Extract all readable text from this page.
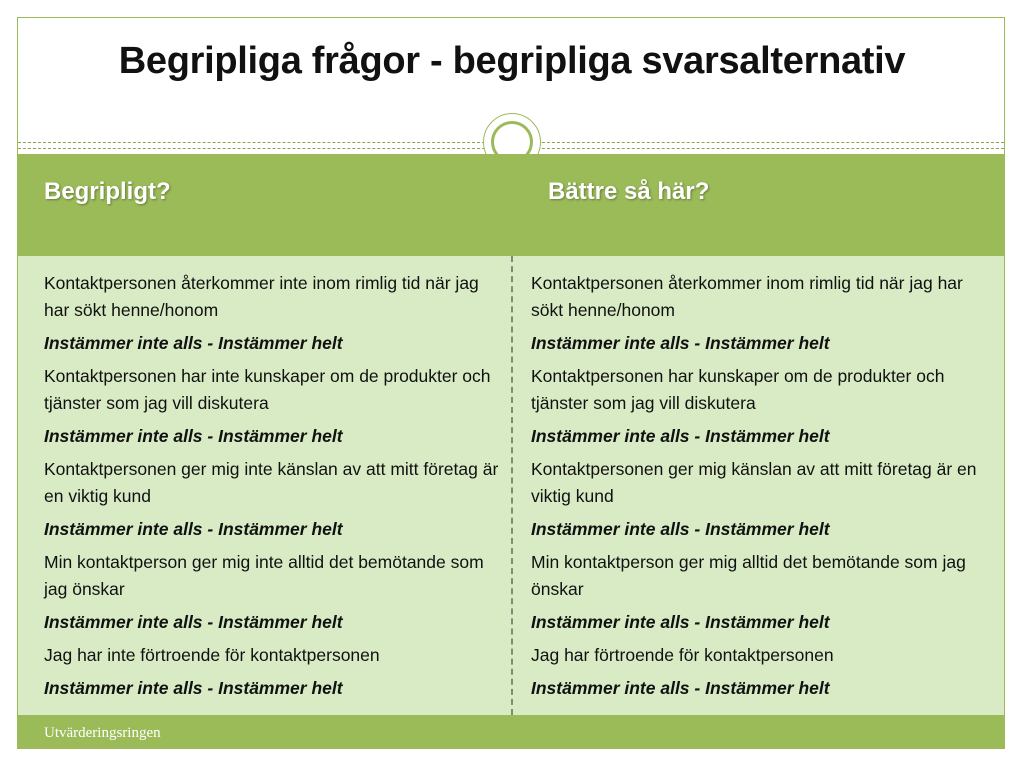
Begripliga frågor - begripliga svarsalternativ
Begripligt?	Bättre så här?
Kontaktpersonen återkommer inte inom rimlig tid när jag har sökt henne/honom
Instämmer inte alls - Instämmer helt
Kontaktpersonen har inte kunskaper om de produkter och tjänster som jag vill diskutera
Instämmer inte alls - Instämmer helt
Kontaktpersonen ger mig inte känslan av att mitt företag är en viktig kund
Instämmer inte alls - Instämmer helt
Min kontaktperson ger mig inte alltid det bemötande som jag önskar
Instämmer inte alls - Instämmer helt
Jag har inte förtroende för kontaktpersonen
Instämmer inte alls - Instämmer helt
Kontaktpersonen återkommer inom rimlig tid när jag har sökt henne/honom
Instämmer inte alls - Instämmer helt
Kontaktpersonen har kunskaper om de produkter och tjänster som jag vill diskutera
Instämmer inte alls - Instämmer helt
Kontaktpersonen ger mig känslan av att mitt företag är en viktig kund
Instämmer inte alls - Instämmer helt
Min kontaktperson ger mig alltid det bemötande som jag önskar
Instämmer inte alls - Instämmer helt
Jag har förtroende för kontaktpersonen
Instämmer inte alls - Instämmer helt
Utvärderingsringen
